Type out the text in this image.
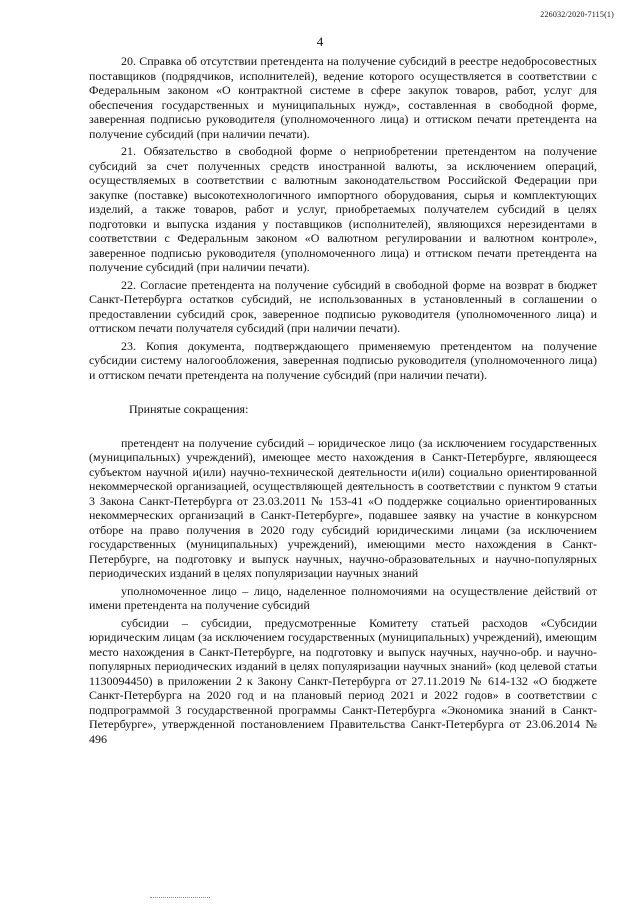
226032/2020-7115(1)
4

20. Справка об отсутствии претендента на получение субсидий в реестре недобросовестных поставщиков (подрядчиков, исполнителей), ведение которого осуществляется в соответствии с Федеральным законом «О контрактной системе в сфере закупок товаров, работ, услуг для обеспечения государственных и муниципальных нужд», составленная в свободной форме, заверенная подписью руководителя (уполномоченного лица) и оттиском печати претендента на получение субсидий (при наличии печати).

21. Обязательство в свободной форме о неприобретении претендентом на получение субсидий за счет полученных средств иностранной валюты, за исключением операций, осуществляемых в соответствии с валютным законодательством Российской Федерации при закупке (поставке) высокотехнологичного импортного оборудования, сырья и комплектующих изделий, а также товаров, работ и услуг, приобретаемых получателем субсидий в целях подготовки и выпуска издания у поставщиков (исполнителей), являющихся нерезидентами в соответствии с Федеральным законом «О валютном регулировании и валютном контроле», заверенное подписью руководителя (уполномоченного лица) и оттиском печати претендента на получение субсидий (при наличии печати).

22. Согласие претендента на получение субсидий в свободной форме на возврат в бюджет Санкт-Петербурга остатков субсидий, не использованных в установленный в соглашении о предоставлении субсидий срок, заверенное подписью руководителя (уполномоченного лица) и оттиском печати получателя субсидий (при наличии печати).

23. Копия документа, подтверждающего применяемую претендентом на получение субсидии систему налогообложения, заверенная подписью руководителя (уполномоченного лица) и оттиском печати претендента на получение субсидий (при наличии печати).

Принятые сокращения:

претендент на получение субсидий – юридическое лицо (за исключением государственных (муниципальных) учреждений), имеющее место нахождения в Санкт-Петербурге, являющееся субъектом научной и(или) научно-технической деятельности и(или) социально ориентированной некоммерческой организацией, осуществляющей деятельность в соответствии с пунктом 9 статьи 3 Закона Санкт-Петербурга от 23.03.2011 № 153-41 «О поддержке социально ориентированных некоммерческих организаций в Санкт-Петербурге», подавшее заявку на участие в конкурсном отборе на право получения в 2020 году субсидий юридическими лицами (за исключением государственных (муниципальных) учреждений), имеющими место нахождения в Санкт-Петербурге, на подготовку и выпуск научных, научно-образовательных и научно-популярных периодических изданий в целях популяризации научных знаний

уполномоченное лицо – лицо, наделенное полномочиями на осуществление действий от имени претендента на получение субсидий

субсидии – субсидии, предусмотренные Комитету статьей расходов «Субсидии юридическим лицам (за исключением государственных (муниципальных) учреждений), имеющим место нахождения в Санкт-Петербурге, на подготовку и выпуск научных, научно-обр. и научно-популярных периодических изданий в целях популяризации научных знаний» (код целевой статьи 1130094450) в приложении 2 к Закону Санкт-Петербурга от 27.11.2019 № 614-132 «О бюджете Санкт-Петербурга на 2020 год и на плановый период 2021 и 2022 годов» в соответствии с подпрограммой 3 государственной программы Санкт-Петербурга «Экономика знаний в Санкт-Петербурге», утвержденной постановлением Правительства Санкт-Петербурга от 23.06.2014 № 496
